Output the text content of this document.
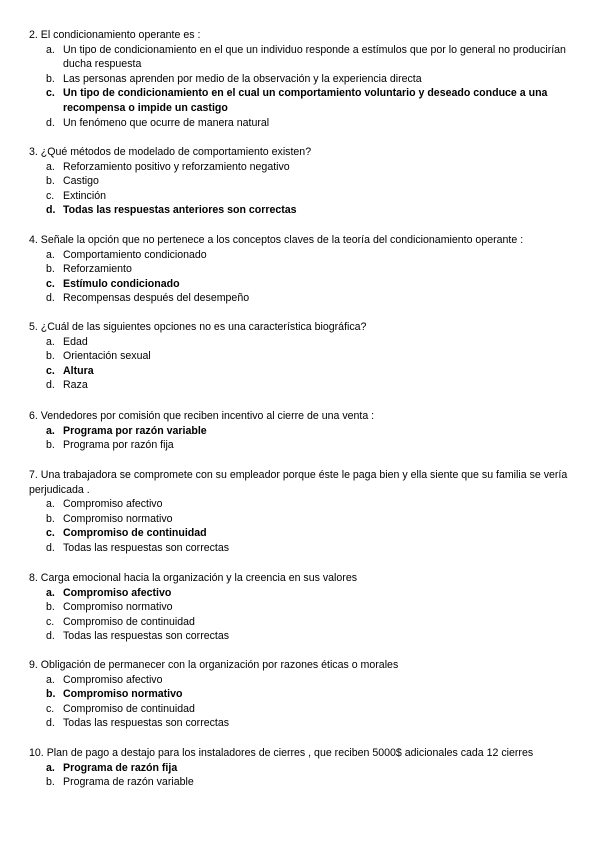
2. El condicionamiento operante es :
a. Un tipo de condicionamiento en el que un individuo responde a estímulos que por lo general no producirían ducha respuesta
b. Las personas aprenden por medio de la observación y la experiencia directa
c. Un tipo de condicionamiento en el cual un comportamiento voluntario y deseado conduce a una recompensa o impide un castigo
d. Un fenómeno que ocurre de manera natural
3. ¿Qué métodos de modelado de comportamiento existen?
a. Reforzamiento positivo y reforzamiento negativo
b. Castigo
c. Extinción
d. Todas las respuestas anteriores son correctas
4. Señale la opción que no pertenece a los conceptos claves de la teoría del condicionamiento operante :
a. Comportamiento condicionado
b. Reforzamiento
c. Estímulo condicionado
d. Recompensas después del desempeño
5. ¿Cuál de las siguientes opciones no es una característica biográfica?
a. Edad
b. Orientación sexual
c. Altura
d. Raza
6. Vendedores por comisión que reciben incentivo al cierre de una venta :
a. Programa por razón variable
b. Programa por razón fija
7. Una trabajadora se compromete con su empleador porque éste le paga bien y ella siente que su familia se vería perjudicada .
a. Compromiso afectivo
b. Compromiso normativo
c. Compromiso de continuidad
d. Todas las respuestas son correctas
8. Carga emocional hacia la organización y la creencia en sus valores
a. Compromiso afectivo
b. Compromiso normativo
c. Compromiso de continuidad
d. Todas las respuestas son correctas
9. Obligación de permanecer con la organización por razones éticas o morales
a. Compromiso afectivo
b. Compromiso normativo
c. Compromiso de continuidad
d. Todas las respuestas son correctas
10. Plan de pago a destajo para los instaladores de cierres , que reciben 5000$ adicionales cada 12 cierres
a. Programa de razón fija
b. Programa de razón variable
